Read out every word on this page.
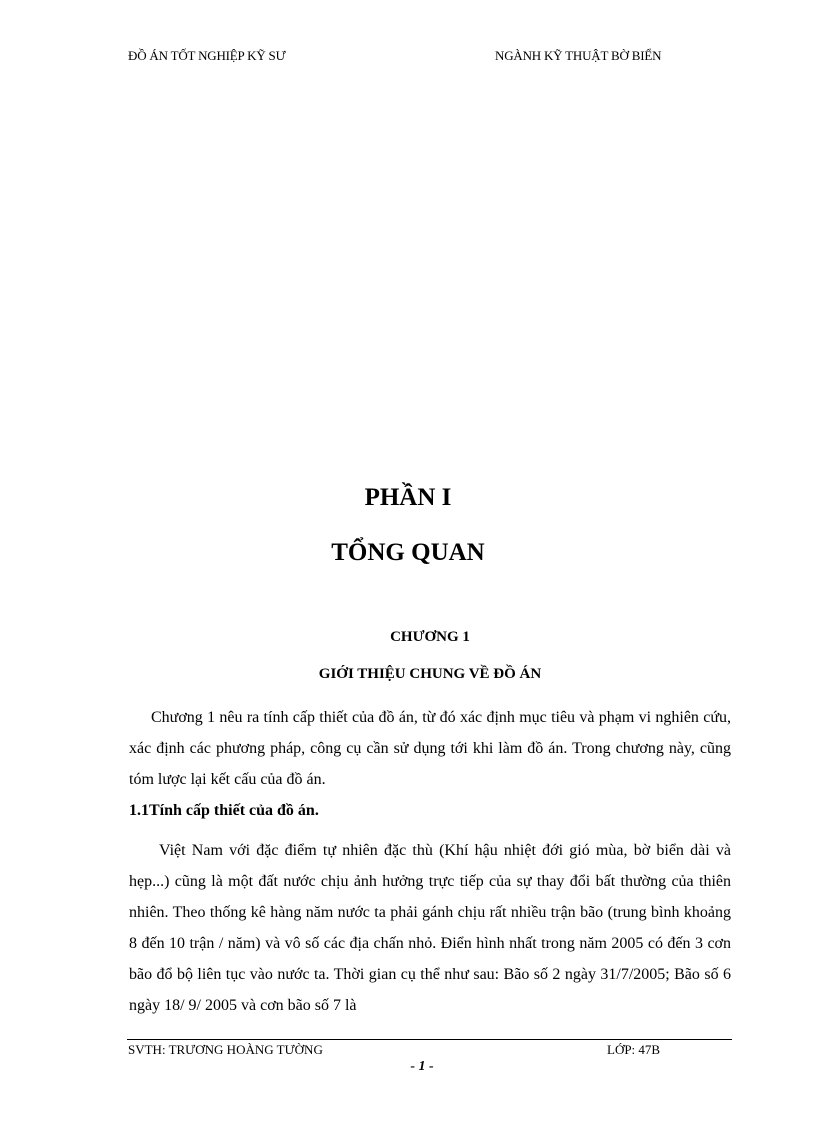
ĐỒ ÁN TỐT NGHIỆP KỸ SƯ	NGÀNH KỸ THUẬT BỜ BIỂN
PHẦN I
TỔNG QUAN
CHƯƠNG 1
GIỚI THIỆU CHUNG VỀ ĐỒ ÁN

Chương 1 nêu ra tính cấp thiết của đồ án, từ đó xác định mục tiêu và phạm vi nghiên cứu, xác định các phương pháp, công cụ cần sử dụng tới khi làm đồ án. Trong chương này, cũng tóm lược lại kết cấu của đồ án.

1.1Tính cấp thiết của đồ án.

Việt Nam với đặc điểm tự nhiên đặc thù (Khí hậu nhiệt đới gió mùa, bờ biển dài và hẹp...) cũng là một đất nước chịu ảnh hưởng trực tiếp của sự thay đổi bất thường của thiên nhiên. Theo thống kê hàng năm nước ta phải gánh chịu rất nhiều trận bão (trung bình khoảng 8 đến 10 trận / năm) và vô số các địa chấn nhỏ. Điển hình nhất trong năm 2005 có đến 3 cơn bão đổ bộ liên tục vào nước ta. Thời gian cụ thể như sau: Bão số 2 ngày 31/7/2005; Bão số 6 ngày 18/ 9/ 2005 và cơn bão số 7 là

SVTH: TRƯƠNG HOÀNG TƯỜNG	LỚP: 47B
- 1 -
